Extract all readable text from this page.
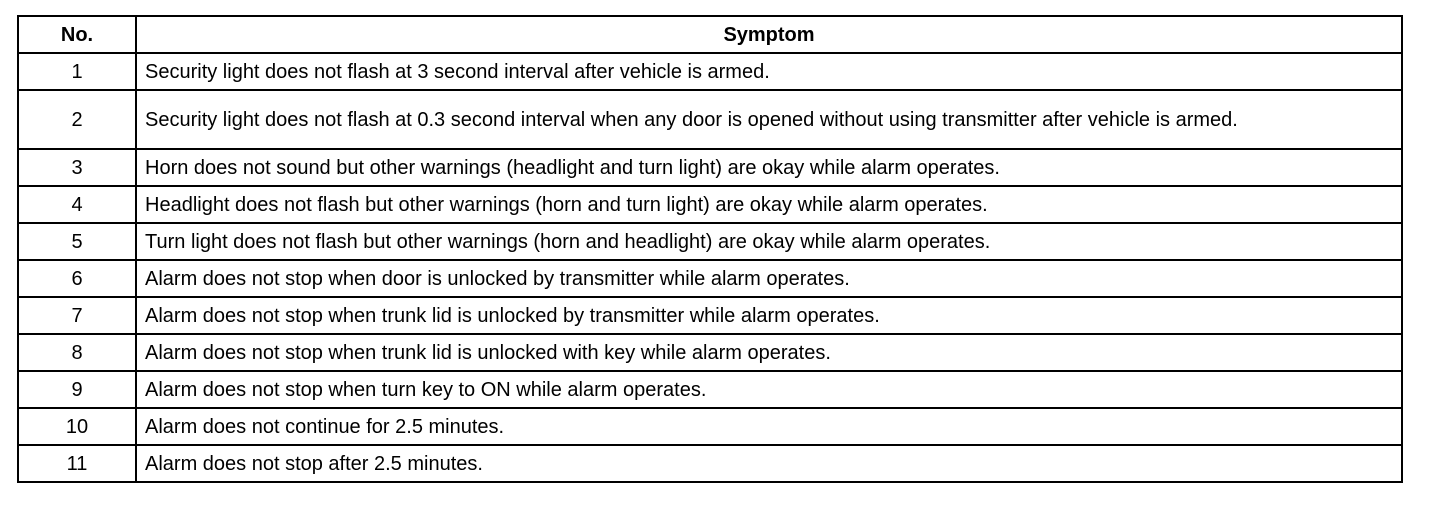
No.	Symptom
1	Security light does not flash at 3 second interval after vehicle is armed.
2	Security light does not flash at 0.3 second interval when any door is opened without using transmitter after vehicle is armed.
3	Horn does not sound but other warnings (headlight and turn light) are okay while alarm operates.
4	Headlight does not flash but other warnings (horn and turn light) are okay while alarm operates.
5	Turn light does not flash but other warnings (horn and headlight) are okay while alarm operates.
6	Alarm does not stop when door is unlocked by transmitter while alarm operates.
7	Alarm does not stop when trunk lid is unlocked by transmitter while alarm operates.
8	Alarm does not stop when trunk lid is unlocked with key while alarm operates.
9	Alarm does not stop when turn key to ON while alarm operates.
10	Alarm does not continue for 2.5 minutes.
11	Alarm does not stop after 2.5 minutes.
